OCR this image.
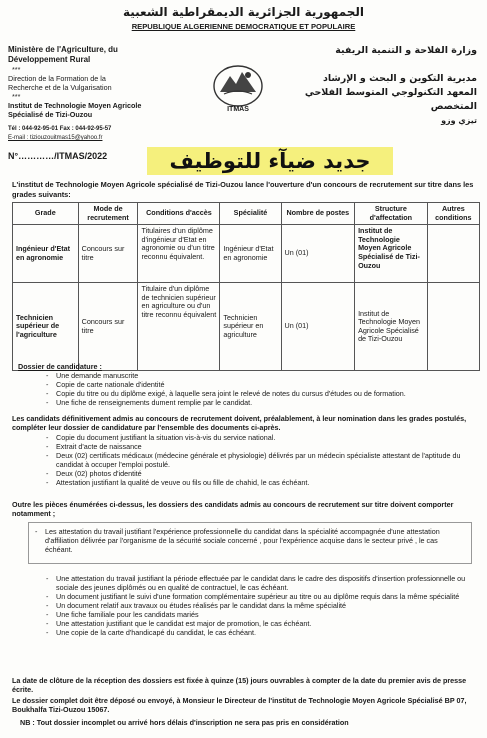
الجمهورية الجزائرية الديمقراطية الشعبية
REPUBLIQUE ALGERIENNE DEMOCRATIQUE ET POPULAIRE
Ministère de l'Agriculture, du
Développement Rural
***
Direction de la Formation de la
Recherche et de la Vulgarisation
***
Institut de Technologie Moyen Agricole
Spécialisé de Tizi-Ouzou
Tél : 044-92-95-01 Fax : 044-92-95-57
E-mail : tiziouzouitmas15@yahoo.fr
N°…………/ITMAS/2022
ITMAS
وزارة الفلاحة و التنمية الريفية
مديرية التكوين و البحث و الإرشاد
المعهد التكنولوجي المتوسط الفلاحي المتخصص
تيزي وزو
جديد ضيآء للتوظيف
L'institut de Technologie Moyen Agricole spécialisé de Tizi-Ouzou lance l'ouverture d'un concours de recrutement sur titre dans les grades suivants:
Grade	Mode de recrutement	Conditions d'accès	Spécialité	Nombre de postes	Structure d'affectation	Autres conditions
Ingénieur d'Etat en agronomie	Concours sur titre	Titulaires d'un diplôme d'ingénieur d'Etat en agronomie ou d'un titre reconnu équivalent.	Ingénieur d'Etat en agronomie	Un (01)	Institut de Technologie Moyen Agricole Spécialisé de Tizi-Ouzou	
Technicien supérieur de l'agriculture	Concours sur titre	Titulaire d'un diplôme de technicien supérieur en agriculture ou d'un titre reconnu équivalent	Technicien supérieur en agriculture	Un (01)	Institut de Technologie Moyen Agricole Spécialisé de Tizi-Ouzou	
Dossier de candidature :
- Une demande manuscrite
- Copie de carte nationale d'identité
- Copie du titre ou du diplôme exigé, à laquelle sera joint le relevé de notes du cursus d'études ou de formation.
- Une fiche de renseignements dument remplie par le candidat.
Les candidats définitivement admis au concours de recrutement doivent, préalablement, à leur nomination dans les grades postulés, compléter leur dossier de candidature par l'ensemble des documents ci-après.
- Copie du document justifiant la situation vis-à-vis du service national.
- Extrait d'acte de naissance
- Deux (02) certificats médicaux (médecine générale et physiologie) délivrés par un médecin spécialiste attestant de l'aptitude du candidat à occuper l'emploi postulé.
- Deux (02) photos d'identité
- Attestation justifiant la qualité de veuve ou fils ou fille de chahid, le cas échéant.
Outre les pièces énumérées ci-dessus, les dossiers des candidats admis au concours de recrutement sur titre doivent comporter notamment ;
- Les attestation du travail justifiant l'expérience professionnelle du candidat dans la spécialité accompagnée d'une attestation d'affiliation délivrée par l'organisme de la sécurité sociale concerné , pour l'expérience acquise dans le secteur privé , le cas échéant.
- Une attestation du travail justifiant la période effectuée par le candidat dans le cadre des dispositifs d'insertion professionnelle ou sociale des jeunes diplômés ou en qualité de contractuel, le cas échéant.
- Un document justifiant le suivi d'une formation complémentaire supérieur au titre ou au diplôme requis dans la même spécialité
- Un document relatif aux travaux ou études réalisés par le candidat dans la même spécialité
- Une fiche familiale pour les candidats mariés
- Une attestation justifiant que le candidat est major de promotion, le cas échéant.
- Une copie de la carte d'handicapé du candidat, le cas échéant.
La date de clôture de la réception des dossiers est fixée à quinze (15) jours ouvrables à compter de la date du premier avis de presse écrite.
Le dossier complet doit être déposé ou envoyé, à Monsieur le Directeur de l'institut de Technologie Moyen Agricole Spécialisé BP 07, Boukhalfa Tizi-Ouzou 15067.
NB : Tout dossier incomplet ou arrivé hors délais d'inscription ne sera pas pris en considération
